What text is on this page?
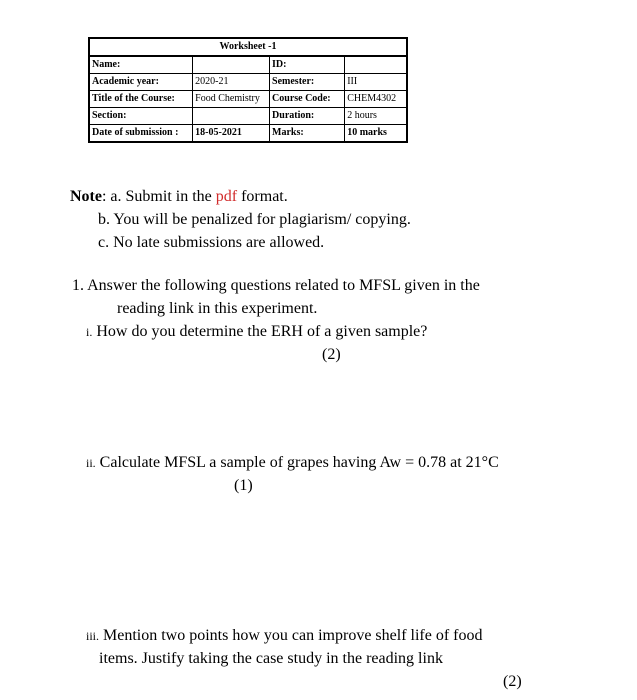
Worksheet -1			
Name:		ID:	
Academic year:	2020-21	Semester:	III
Title of the Course:	Food Chemistry	Course Code:	CHEM4302
Section:		Duration:	2 hours
Date of submission :	18-05-2021	Marks:	10 marks
Note: a. Submit in the pdf format.
b. You will be penalized for plagiarism/ copying.
c. No late submissions are allowed.
1. Answer the following questions related to MFSL given in the
reading link in this experiment.
i. How do you determine the ERH of a given sample?
(2)
ii. Calculate MFSL a sample of grapes having Aw = 0.78 at 21°C
(1)
iii. Mention two points how you can improve shelf life of food
items. Justify taking the case study in the reading link
(2)
